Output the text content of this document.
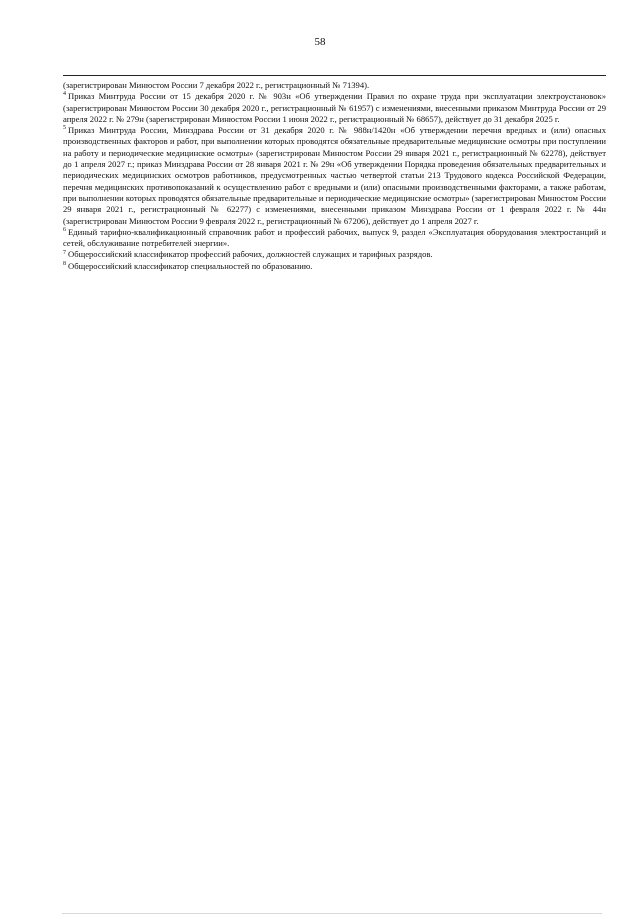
58

(зарегистрирован Минюстом России 7 декабря 2022 г., регистрационный № 71394).

$^4$ Приказ Минтруда России от 15 декабря 2020 г. № 903н «Об утверждении Правил по охране труда при эксплуатации электроустановок» (зарегистрирован Минюстом России 30 декабря 2020 г., регистрационный № 61957) с изменениями, внесенными приказом Минтруда России от 29 апреля 2022 г. № 279н (зарегистрирован Минюстом России 1 июня 2022 г., регистрационный № 68657), действует до 31 декабря 2025 г.

$^5$ Приказ Минтруда России, Минздрава России от 31 декабря 2020 г. № 988н/1420н «Об утверждении перечня вредных и (или) опасных производственных факторов и работ, при выполнении которых проводятся обязательные предварительные медицинские осмотры при поступлении на работу и периодические медицинские осмотры» (зарегистрирован Минюстом России 29 января 2021 г., регистрационный № 62278), действует до 1 апреля 2027 г.; приказ Минздрава России от 28 января 2021 г. № 29н «Об утверждении Порядка проведения обязательных предварительных и периодических медицинских осмотров работников, предусмотренных частью четвертой статьи 213 Трудового кодекса Российской Федерации, перечня медицинских противопоказаний к осуществлению работ с вредными и (или) опасными производственными факторами, а также работам, при выполнении которых проводятся обязательные предварительные и периодические медицинские осмотры» (зарегистрирован Минюстом России 29 января 2021 г., регистрационный № 62277) с изменениями, внесенными приказом Минздрава России от 1 февраля 2022 г. № 44н (зарегистрирован Минюстом России 9 февраля 2022 г., регистрационный № 67206), действует до 1 апреля 2027 г.

$^6$ Единый тарифно-квалификационный справочник работ и профессий рабочих, выпуск 9, раздел «Эксплуатация оборудования электростанций и сетей, обслуживание потребителей энергии».

$^7$ Общероссийский классификатор профессий рабочих, должностей служащих и тарифных разрядов.

$^8$ Общероссийский классификатор специальностей по образованию.
